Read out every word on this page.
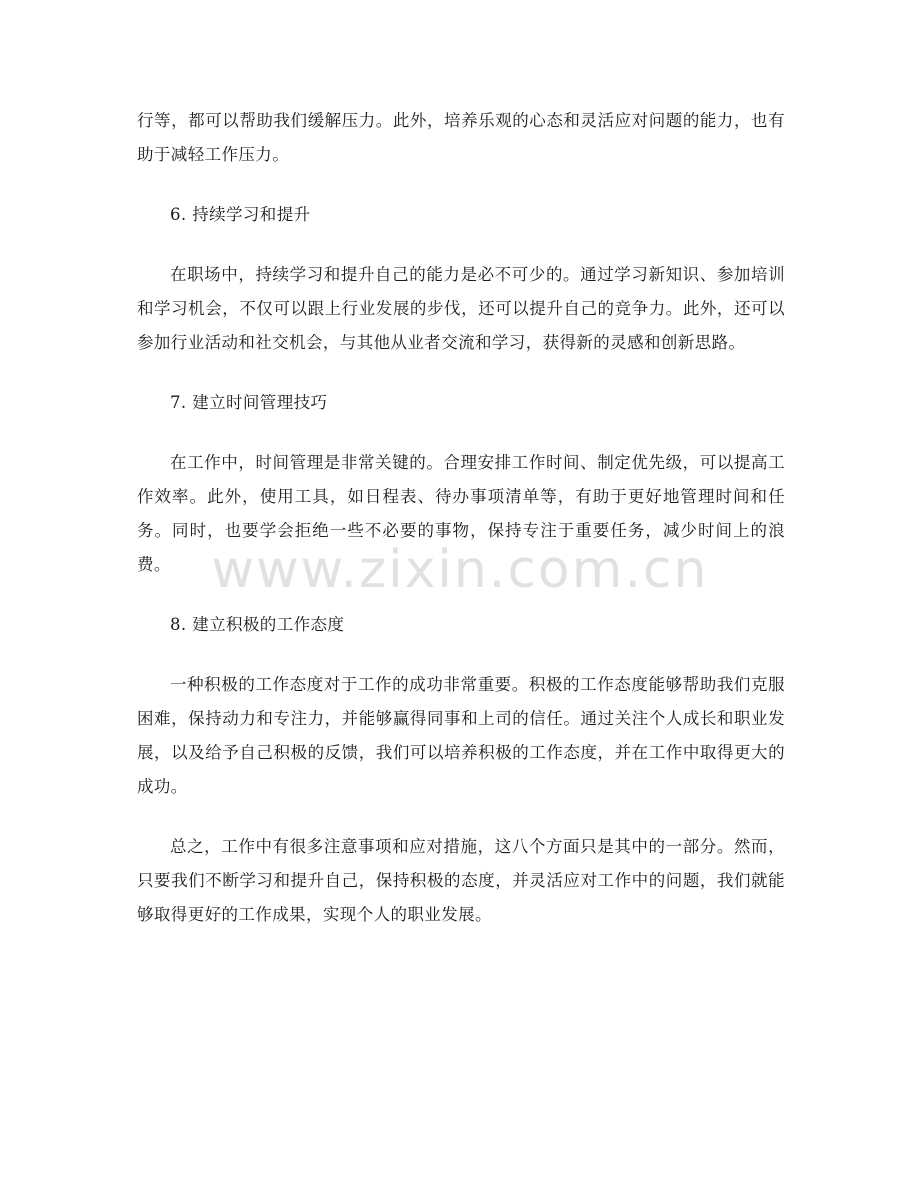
行等，都可以帮助我们缓解压力。此外，培养乐观的心态和灵活应对问题的能力，也有助于减轻工作压力。

6. 持续学习和提升

在职场中，持续学习和提升自己的能力是必不可少的。通过学习新知识、参加培训和学习机会，不仅可以跟上行业发展的步伐，还可以提升自己的竞争力。此外，还可以参加行业活动和社交机会，与其他从业者交流和学习，获得新的灵感和创新思路。

7. 建立时间管理技巧

在工作中，时间管理是非常关键的。合理安排工作时间、制定优先级，可以提高工作效率。此外，使用工具，如日程表、待办事项清单等，有助于更好地管理时间和任务。同时，也要学会拒绝一些不必要的事物，保持专注于重要任务，减少时间上的浪费。

8. 建立积极的工作态度

一种积极的工作态度对于工作的成功非常重要。积极的工作态度能够帮助我们克服困难，保持动力和专注力，并能够赢得同事和上司的信任。通过关注个人成长和职业发展，以及给予自己积极的反馈，我们可以培养积极的工作态度，并在工作中取得更大的成功。

总之，工作中有很多注意事项和应对措施，这八个方面只是其中的一部分。然而，只要我们不断学习和提升自己，保持积极的态度，并灵活应对工作中的问题，我们就能够取得更好的工作成果，实现个人的职业发展。

www.zixin.com.cn
